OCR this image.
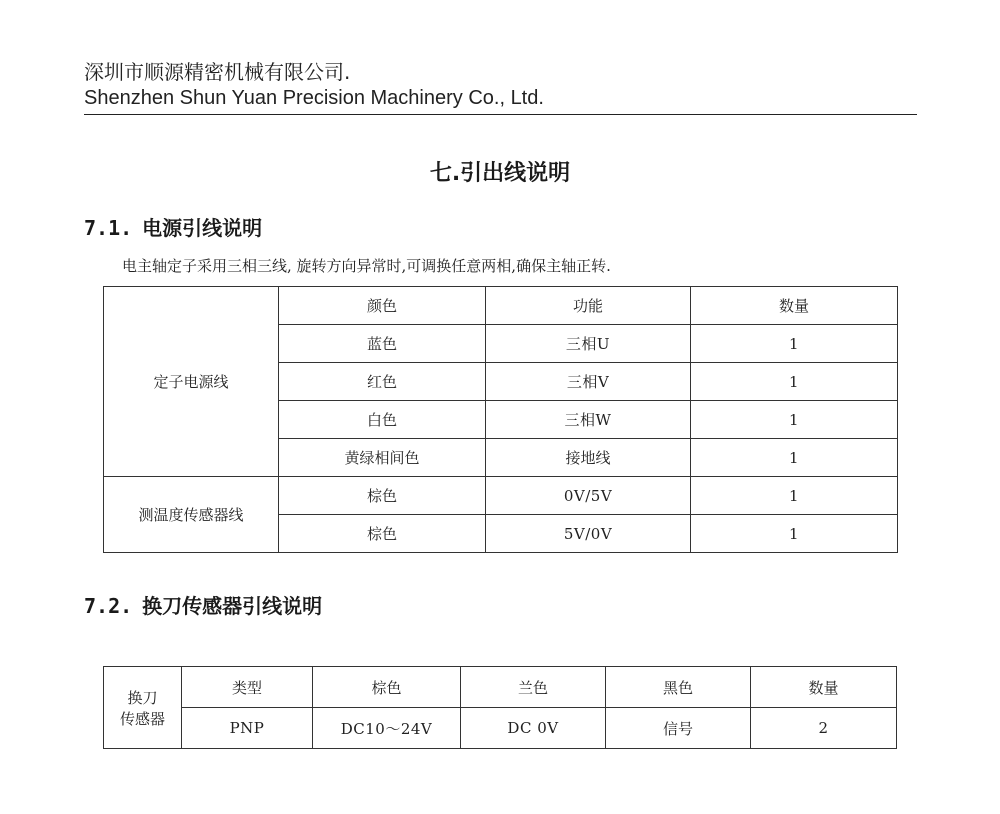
深圳市顺源精密机械有限公司.
Shenzhen Shun Yuan Precision Machinery Co., Ltd.
七.引出线说明
7.1. 电源引线说明
电主轴定子采用三相三线, 旋转方向异常时,可调换任意两相,确保主轴正转.
定子电源线	颜色	功能	数量
	蓝色	三相U	1
	红色	三相V	1
	白色	三相W	1
	黄绿相间色	接地线	1
测温度传感器线	棕色	0V/5V	1
	棕色	5V/0V	1
7.2. 换刀传感器引线说明
换刀
传感器	类型	棕色	兰色	黑色	数量
	PNP	DC10～24V	DC 0V	信号	2
